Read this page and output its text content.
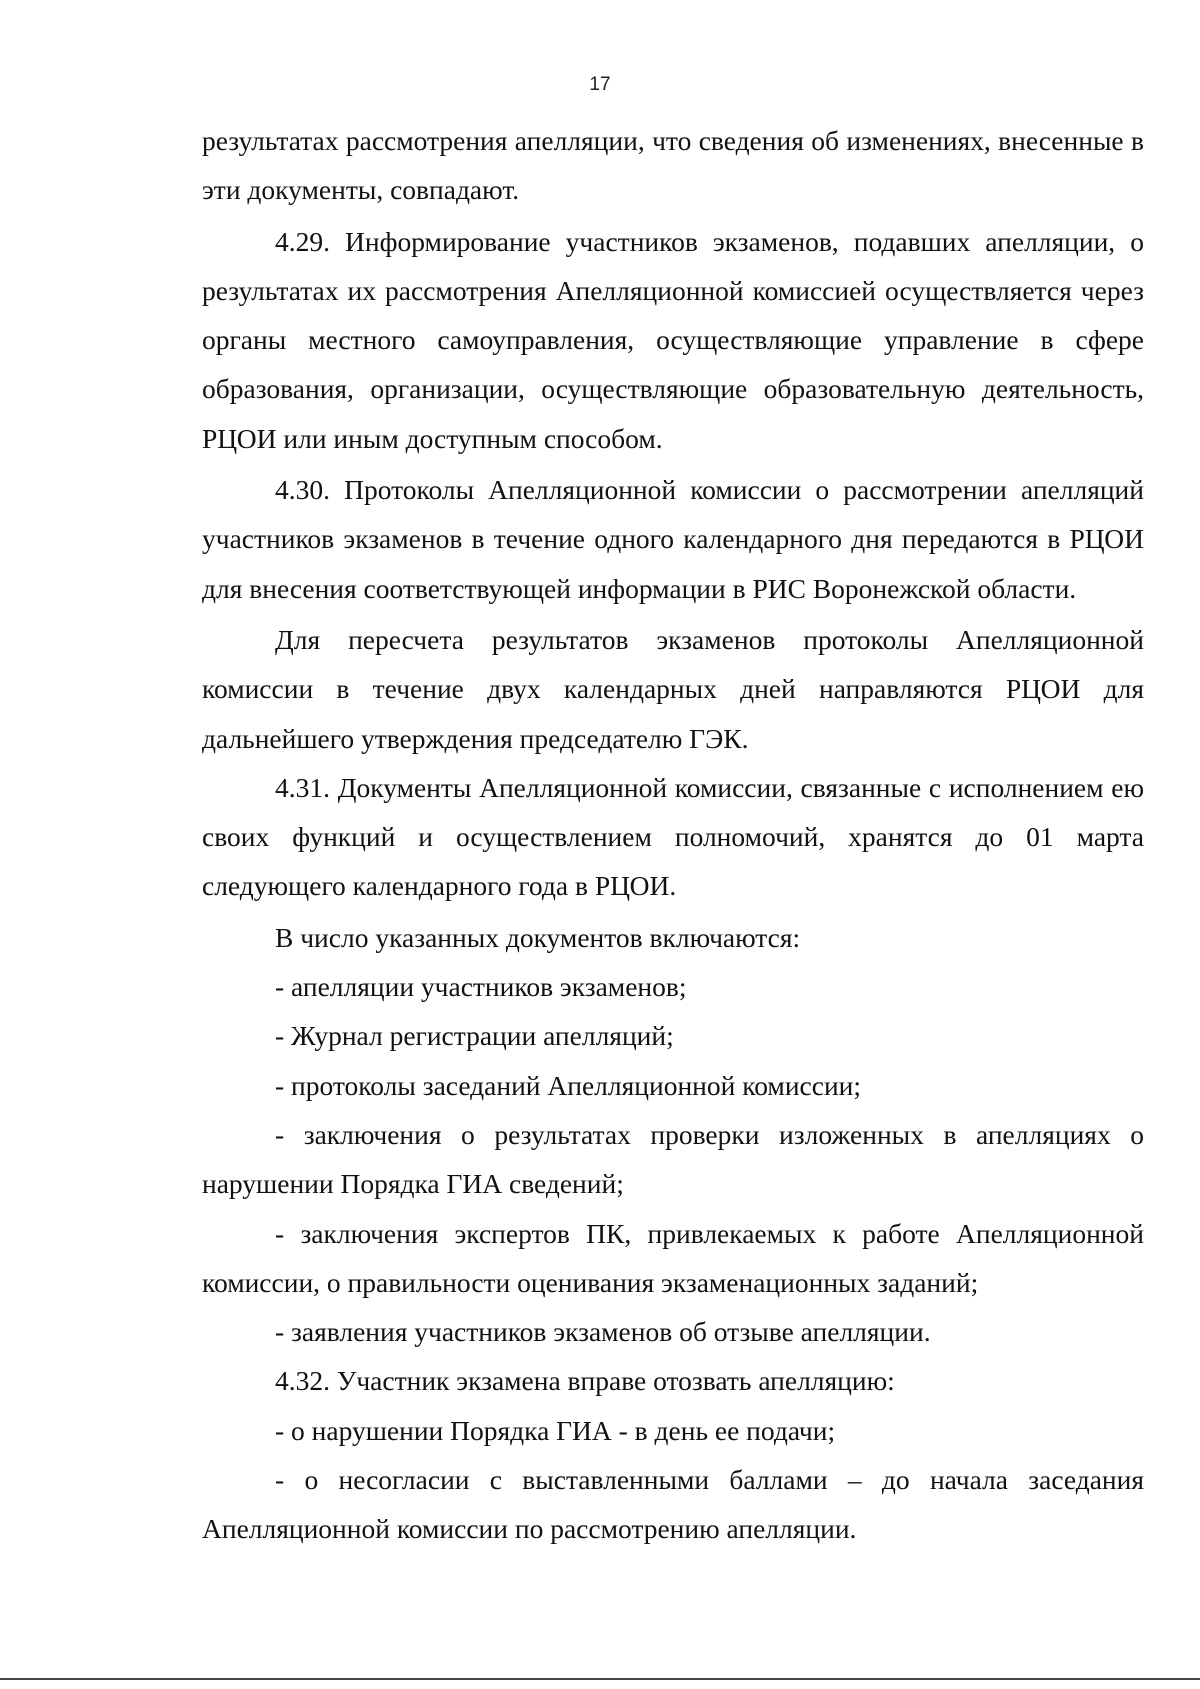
17

результатах рассмотрения апелляции, что сведения об изменениях, внесенные в эти документы, совпадают.

4.29. Информирование участников экзаменов, подавших апелляции, о результатах их рассмотрения Апелляционной комиссией осуществляется через органы местного самоуправления, осуществляющие управление в сфере образования, организации, осуществляющие образовательную деятельность, РЦОИ или иным доступным способом.

4.30. Протоколы Апелляционной комиссии о рассмотрении апелляций участников экзаменов в течение одного календарного дня передаются в РЦОИ для внесения соответствующей информации в РИС Воронежской области.

Для пересчета результатов экзаменов протоколы Апелляционной комиссии в течение двух календарных дней направляются РЦОИ для дальнейшего утверждения председателю ГЭК.

4.31. Документы Апелляционной комиссии, связанные с исполнением ею своих функций и осуществлением полномочий, хранятся до 01 марта следующего календарного года в РЦОИ.

В число указанных документов включаются:

- апелляции участников экзаменов;

- Журнал регистрации апелляций;

- протоколы заседаний Апелляционной комиссии;

- заключения о результатах проверки изложенных в апелляциях о нарушении Порядка ГИА сведений;

- заключения экспертов ПК, привлекаемых к работе Апелляционной комиссии, о правильности оценивания экзаменационных заданий;

- заявления участников экзаменов об отзыве апелляции.

4.32. Участник экзамена вправе отозвать апелляцию:

- о нарушении Порядка ГИА - в день ее подачи;

- о несогласии с выставленными баллами – до начала заседания Апелляционной комиссии по рассмотрению апелляции.
